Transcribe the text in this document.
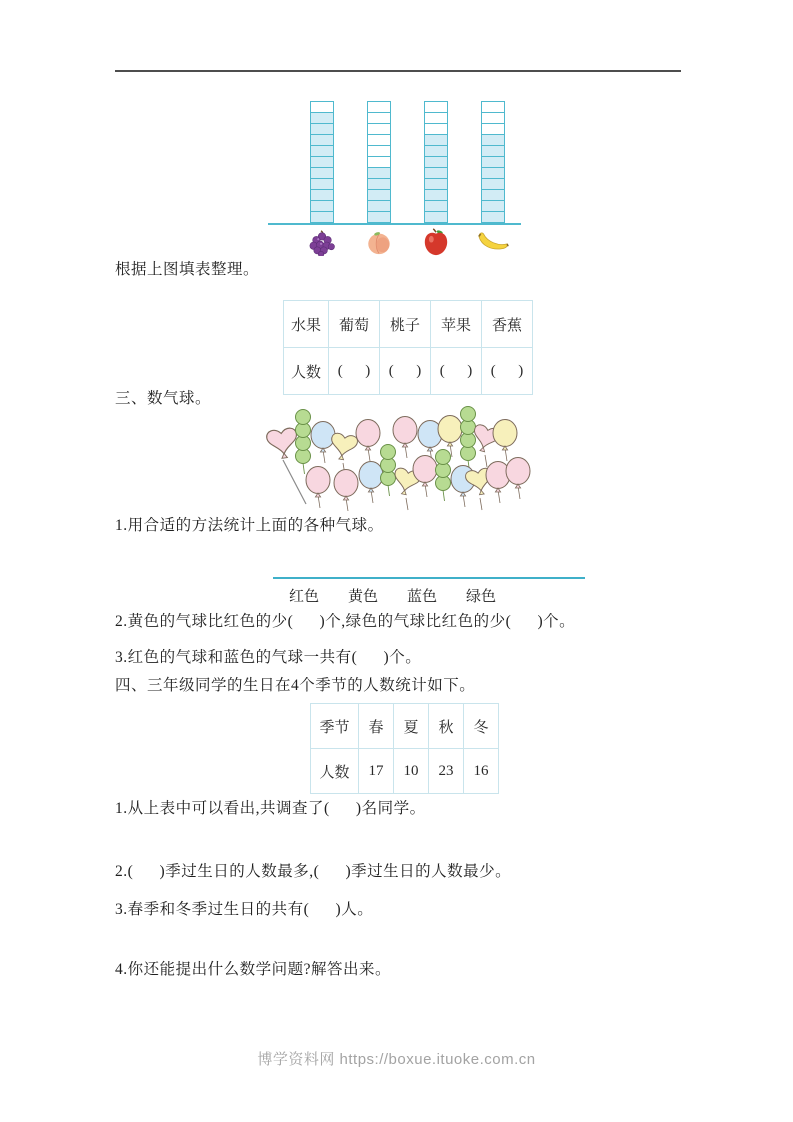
根据上图填表整理。
水果	葡萄	桃子	苹果	香蕉
人数	(      )	(      )	(      )	(      )
三、数气球。
1.用合适的方法统计上面的各种气球。
红色 黄色 蓝色 绿色
2.黄色的气球比红色的少(      )个,绿色的气球比红色的少(      )个。
3.红色的气球和蓝色的气球一共有(      )个。
四、三年级同学的生日在4个季节的人数统计如下。
季节	春	夏	秋	冬
人数	17	10	23	16
1.从上表中可以看出,共调查了(      )名同学。
2.(      )季过生日的人数最多,(      )季过生日的人数最少。
3.春季和冬季过生日的共有(      )人。
4.你还能提出什么数学问题?解答出来。
博学资料网 https://boxue.ituoke.com.cn
